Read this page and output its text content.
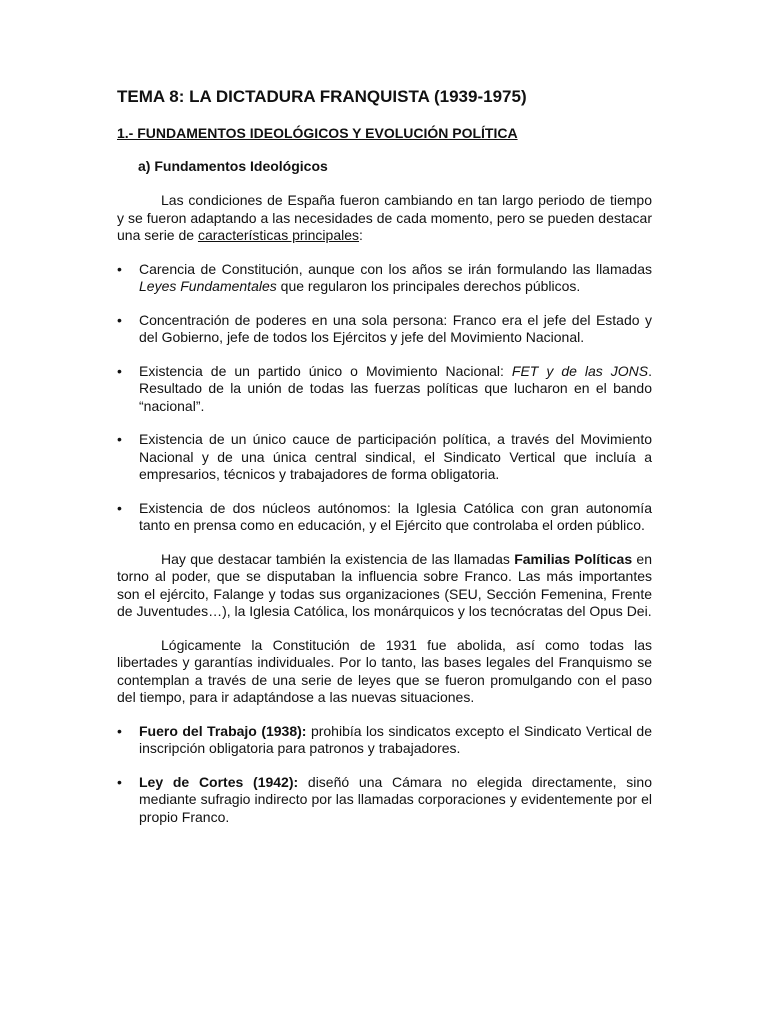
TEMA 8: LA DICTADURA FRANQUISTA (1939-1975)
1.- FUNDAMENTOS IDEOLÓGICOS Y EVOLUCIÓN POLÍTICA
a) Fundamentos Ideológicos

Las condiciones de España fueron cambiando en tan largo periodo de tiempo y se fueron adaptando a las necesidades de cada momento, pero se pueden destacar una serie de características principales:

• Carencia de Constitución, aunque con los años se irán formulando las llamadas Leyes Fundamentales que regularon los principales derechos públicos.
• Concentración de poderes en una sola persona: Franco era el jefe del Estado y del Gobierno, jefe de todos los Ejércitos y jefe del Movimiento Nacional.
• Existencia de un partido único o Movimiento Nacional: FET y de las JONS. Resultado de la unión de todas las fuerzas políticas que lucharon en el bando “nacional”.
• Existencia de un único cauce de participación política, a través del Movimiento Nacional y de una única central sindical, el Sindicato Vertical que incluía a empresarios, técnicos y trabajadores de forma obligatoria.
• Existencia de dos núcleos autónomos: la Iglesia Católica con gran autonomía tanto en prensa como en educación, y el Ejército que controlaba el orden público.

Hay que destacar también la existencia de las llamadas Familias Políticas en torno al poder, que se disputaban la influencia sobre Franco. Las más importantes son el ejército, Falange y todas sus organizaciones (SEU, Sección Femenina, Frente de Juventudes…), la Iglesia Católica, los monárquicos y los tecnócratas del Opus Dei.

Lógicamente la Constitución de 1931 fue abolida, así como todas las libertades y garantías individuales. Por lo tanto, las bases legales del Franquismo se contemplan a través de una serie de leyes que se fueron promulgando con el paso del tiempo, para ir adaptándose a las nuevas situaciones.

• Fuero del Trabajo (1938): prohibía los sindicatos excepto el Sindicato Vertical de inscripción obligatoria para patronos y trabajadores.
• Ley de Cortes (1942): diseñó una Cámara no elegida directamente, sino mediante sufragio indirecto por las llamadas corporaciones y evidentemente por el propio Franco.
